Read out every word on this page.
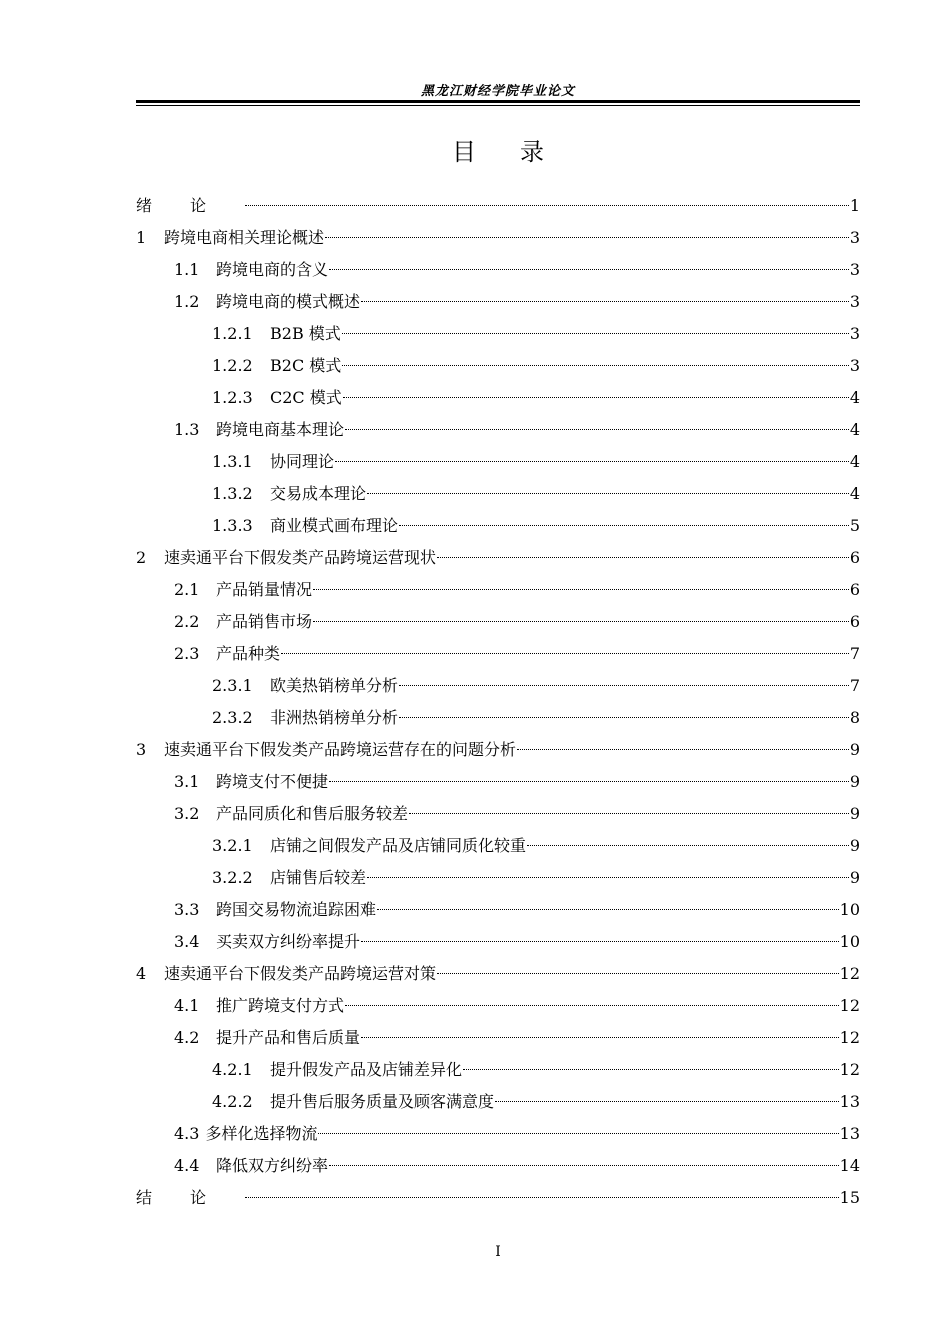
黑龙江财经学院毕业论文
目录
绪论	1
1	跨境电商相关理论概述	3
1.1	跨境电商的含义	3
1.2	跨境电商的模式概述	3
1.2.1	B2B 模式	3
1.2.2	B2C 模式	3
1.2.3	C2C 模式	4
1.3	跨境电商基本理论	4
1.3.1	协同理论	4
1.3.2	交易成本理论	4
1.3.3	商业模式画布理论	5
2	速卖通平台下假发类产品跨境运营现状	6
2.1	产品销量情况	6
2.2	产品销售市场	6
2.3	产品种类	7
2.3.1	欧美热销榜单分析	7
2.3.2	非洲热销榜单分析	8
3	速卖通平台下假发类产品跨境运营存在的问题分析	9
3.1	跨境支付不便捷	9
3.2	产品同质化和售后服务较差	9
3.2.1	店铺之间假发产品及店铺同质化较重	9
3.2.2	店铺售后较差	9
3.3	跨国交易物流追踪困难	10
3.4	买卖双方纠纷率提升	10
4	速卖通平台下假发类产品跨境运营对策	12
4.1	推广跨境支付方式	12
4.2	提升产品和售后质量	12
4.2.1	提升假发产品及店铺差异化	12
4.2.2	提升售后服务质量及顾客满意度	13
4.3 多样化选择物流	13
4.4	降低双方纠纷率	14
结论	15
I
